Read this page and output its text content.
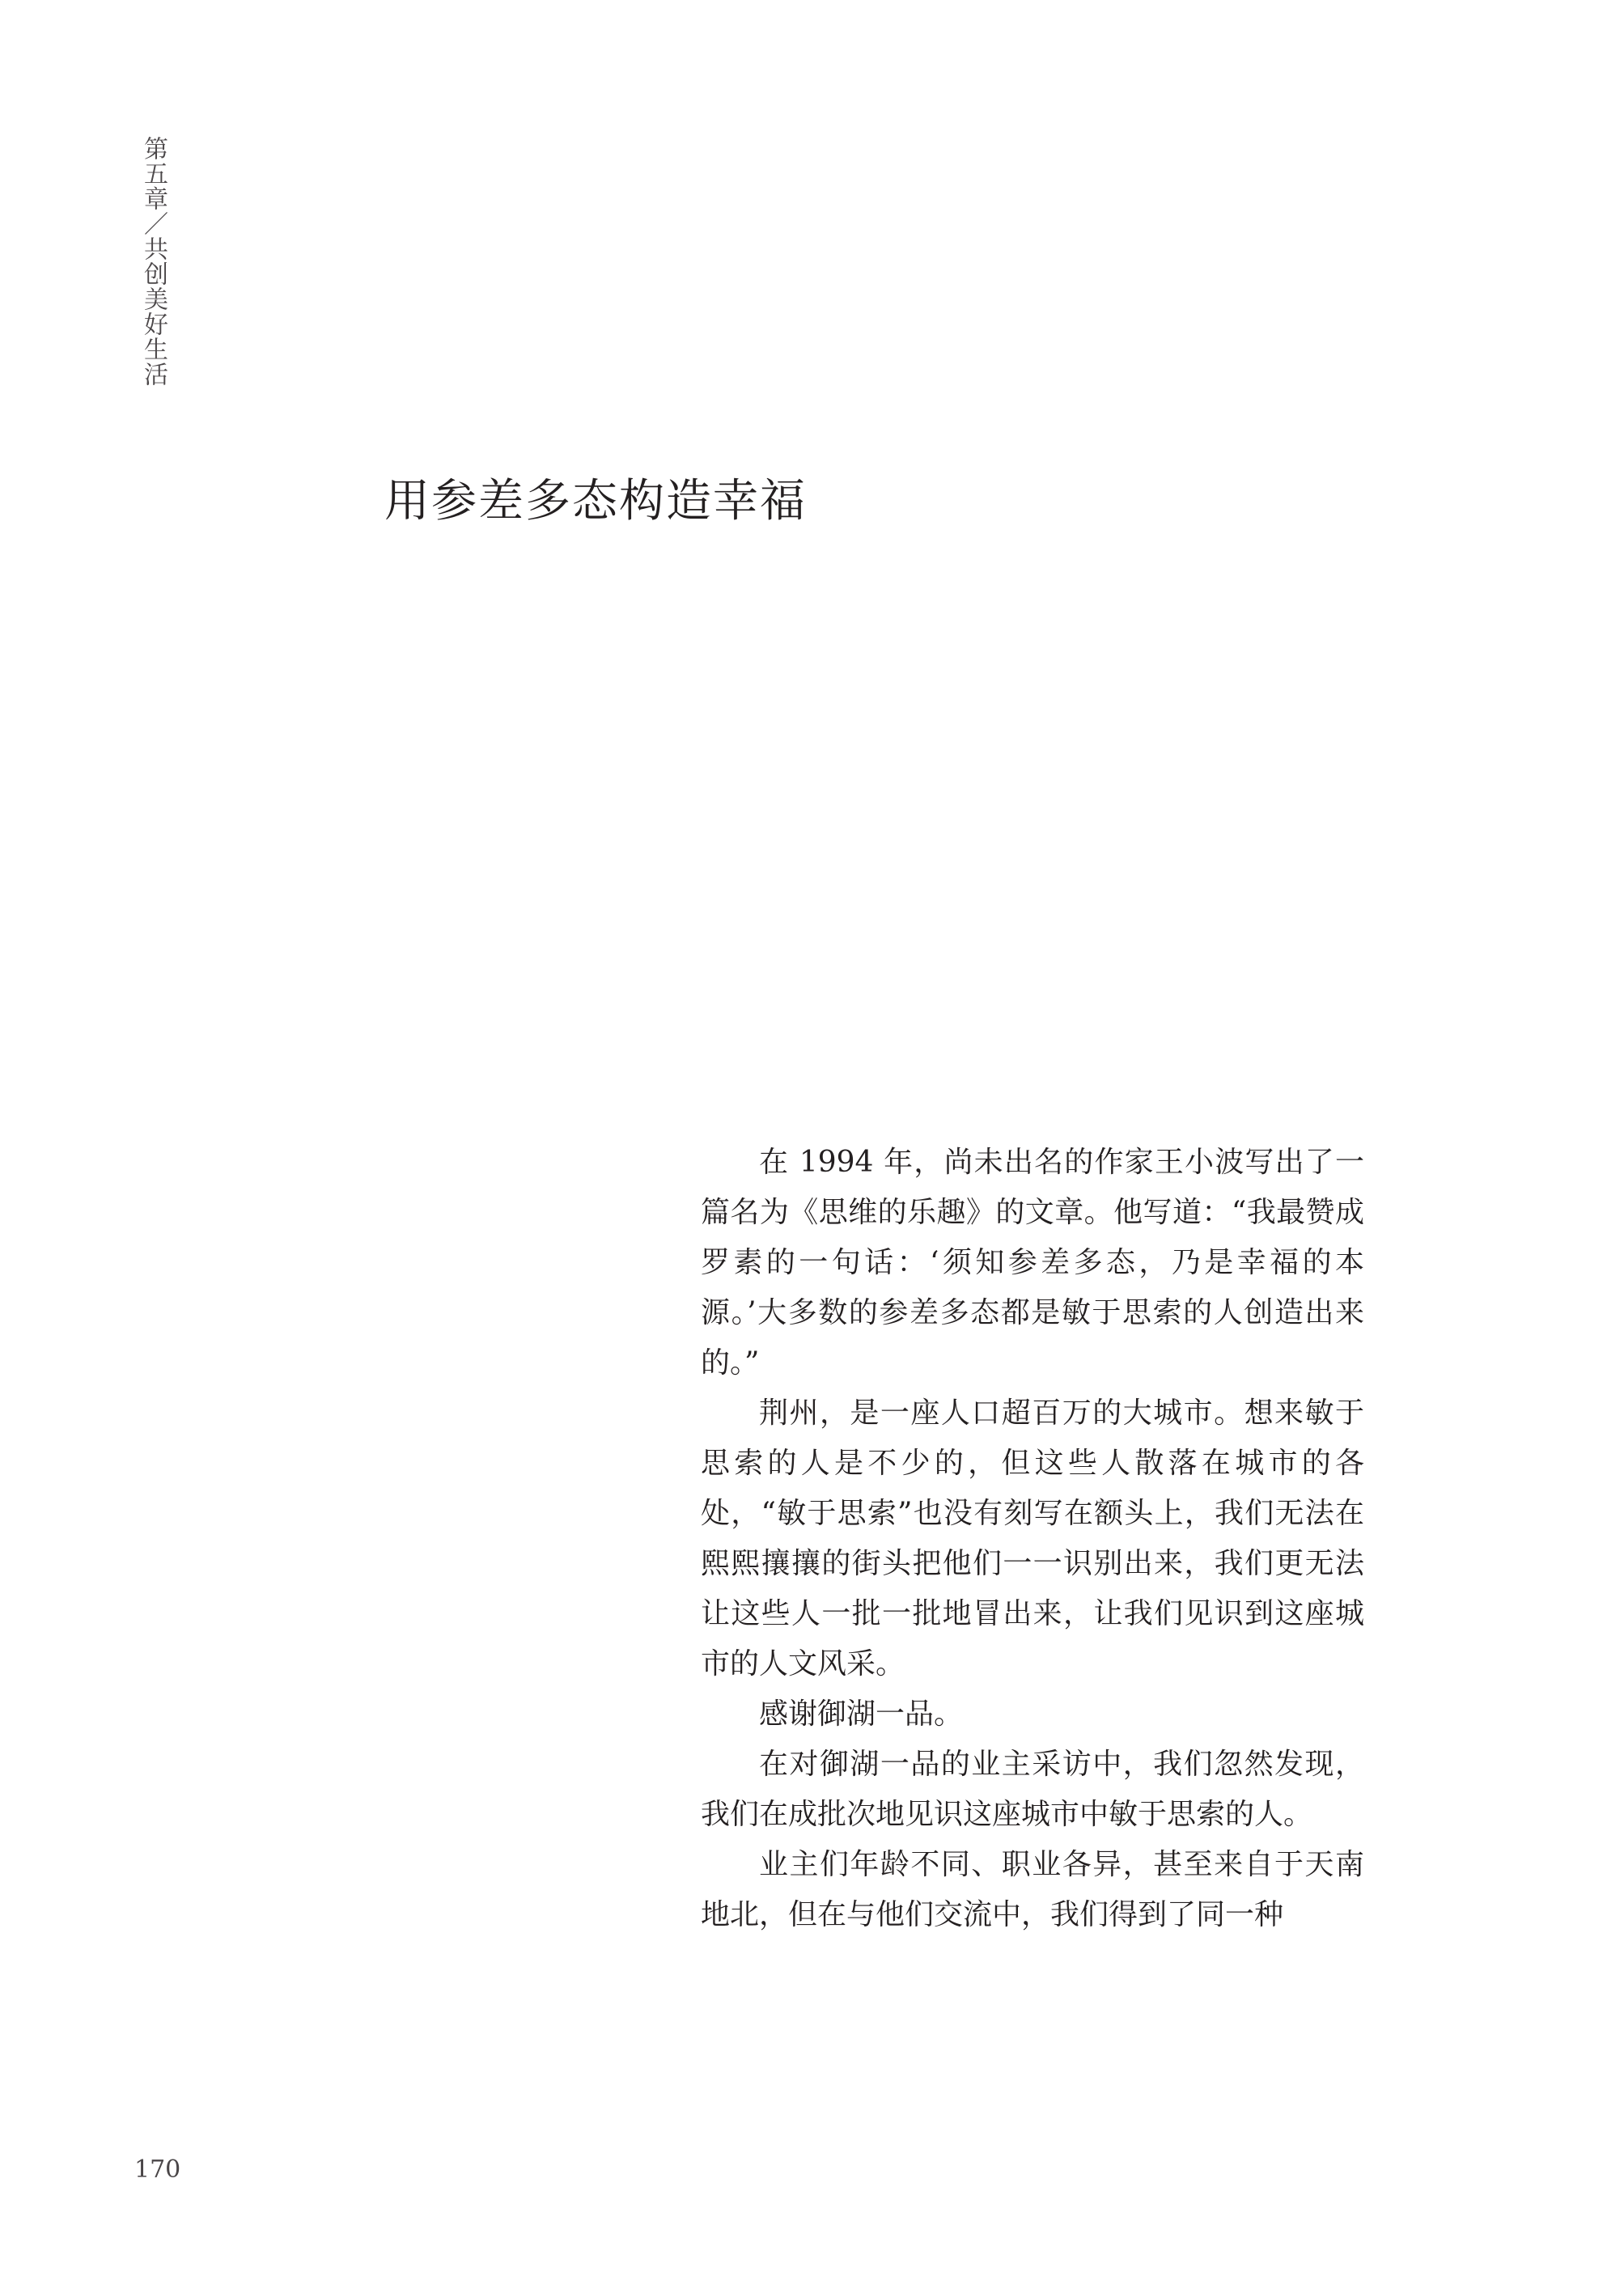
第五章／共创美好生活
用参差多态构造幸福

在 1994 年，尚未出名的作家王小波写出了一篇名为《思维的乐趣》的文章。他写道：“我最赞成罗素的一句话：‘须知参差多态，乃是幸福的本源。’大多数的参差多态都是敏于思索的人创造出来的。”

荆州，是一座人口超百万的大城市。想来敏于思索的人是不少的，但这些人散落在城市的各处，“敏于思索”也没有刻写在额头上，我们无法在熙熙攘攘的街头把他们一一识别出来，我们更无法让这些人一批一批地冒出来，让我们见识到这座城市的人文风采。

感谢御湖一品。

在对御湖一品的业主采访中，我们忽然发现，我们在成批次地见识这座城市中敏于思索的人。

业主们年龄不同、职业各异，甚至来自于天南地北，但在与他们交流中，我们得到了同一种

170
